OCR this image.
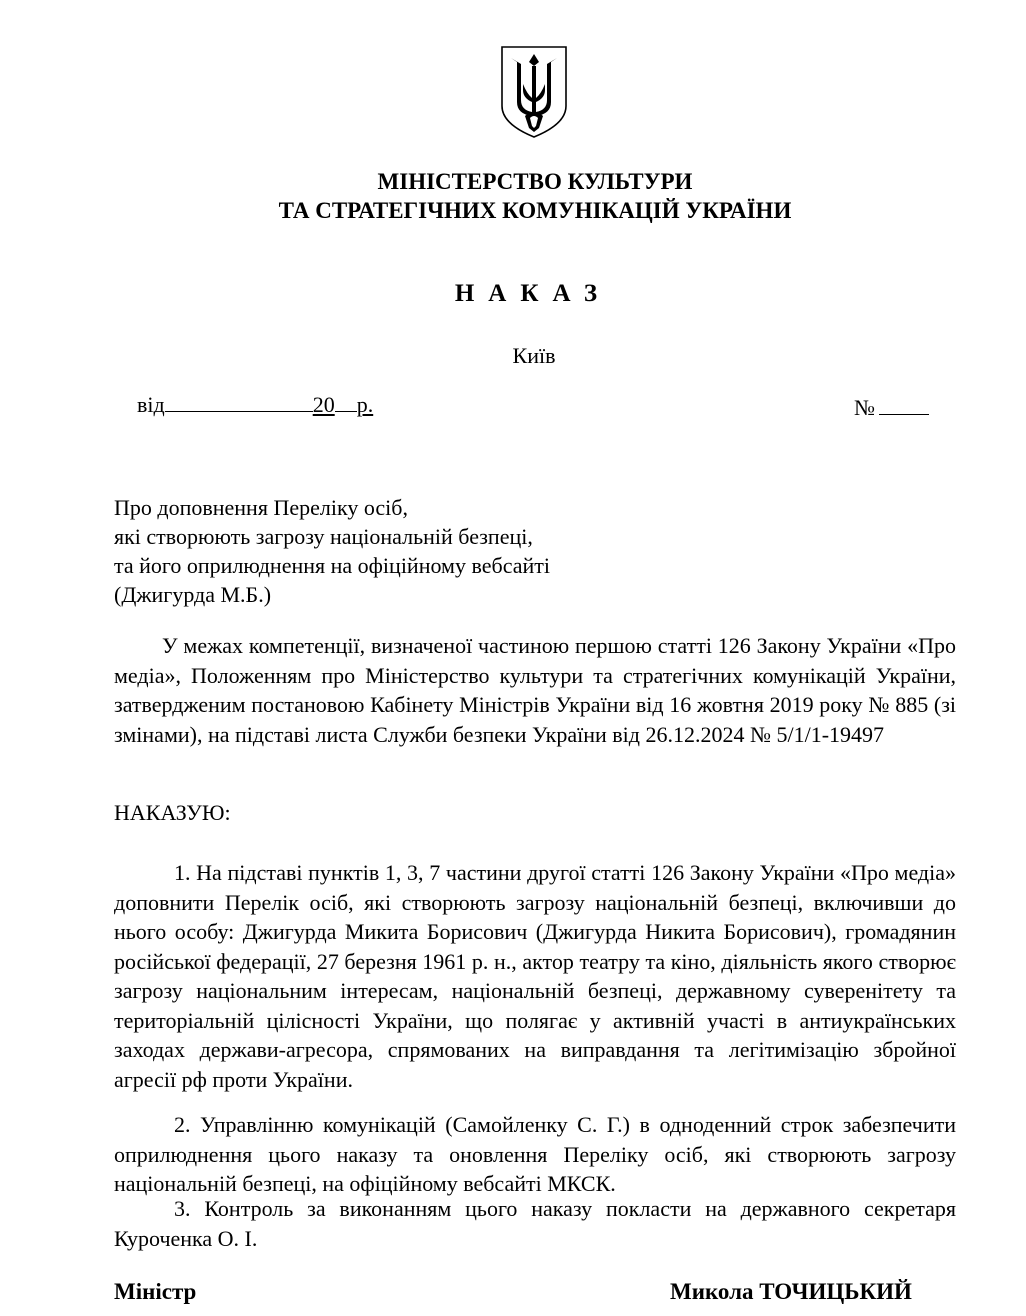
МІНІСТЕРСТВО КУЛЬТУРИ
ТА СТРАТЕГІЧНИХ КОМУНІКАЦІЙ УКРАЇНИ
НАКАЗ
Київ
від	20 р.	№
Про доповнення Переліку осіб,
які створюють загрозу національній безпеці,
та його оприлюднення на офіційному вебсайті
(Джигурда М.Б.)
У межах компетенції, визначеної частиною першою статті 126 Закону України «Про медіа», Положенням про Міністерство культури та стратегічних комунікацій України, затвердженим постановою Кабінету Міністрів України від 16 жовтня 2019 року № 885 (зі змінами), на підставі листа Служби безпеки України від 26.12.2024 № 5/1/1-19497
НАКАЗУЮ:
1. На підставі пунктів 1, 3, 7 частини другої статті 126 Закону України «Про медіа» доповнити Перелік осіб, які створюють загрозу національній безпеці, включивши до нього особу: Джигурда Микита Борисович (Джигурда Никита Борисович), громадянин російської федерації, 27 березня 1961 р. н., актор театру та кіно, діяльність якого створює загрозу національним інтересам, національній безпеці, державному суверенітету та територіальній цілісності України, що полягає у активній участі в антиукраїнських заходах держави-агресора, спрямованих на виправдання та легітимізацію збройної агресії рф проти України.
2. Управлінню комунікацій (Самойленку С. Г.) в одноденний строк забезпечити оприлюднення цього наказу та оновлення Переліку осіб, які створюють загрозу національній безпеці, на офіційному вебсайті МКСК.
3. Контроль за виконанням цього наказу покласти на державного секретаря Куроченка О. І.
Міністр	Микола ТОЧИЦЬКИЙ
